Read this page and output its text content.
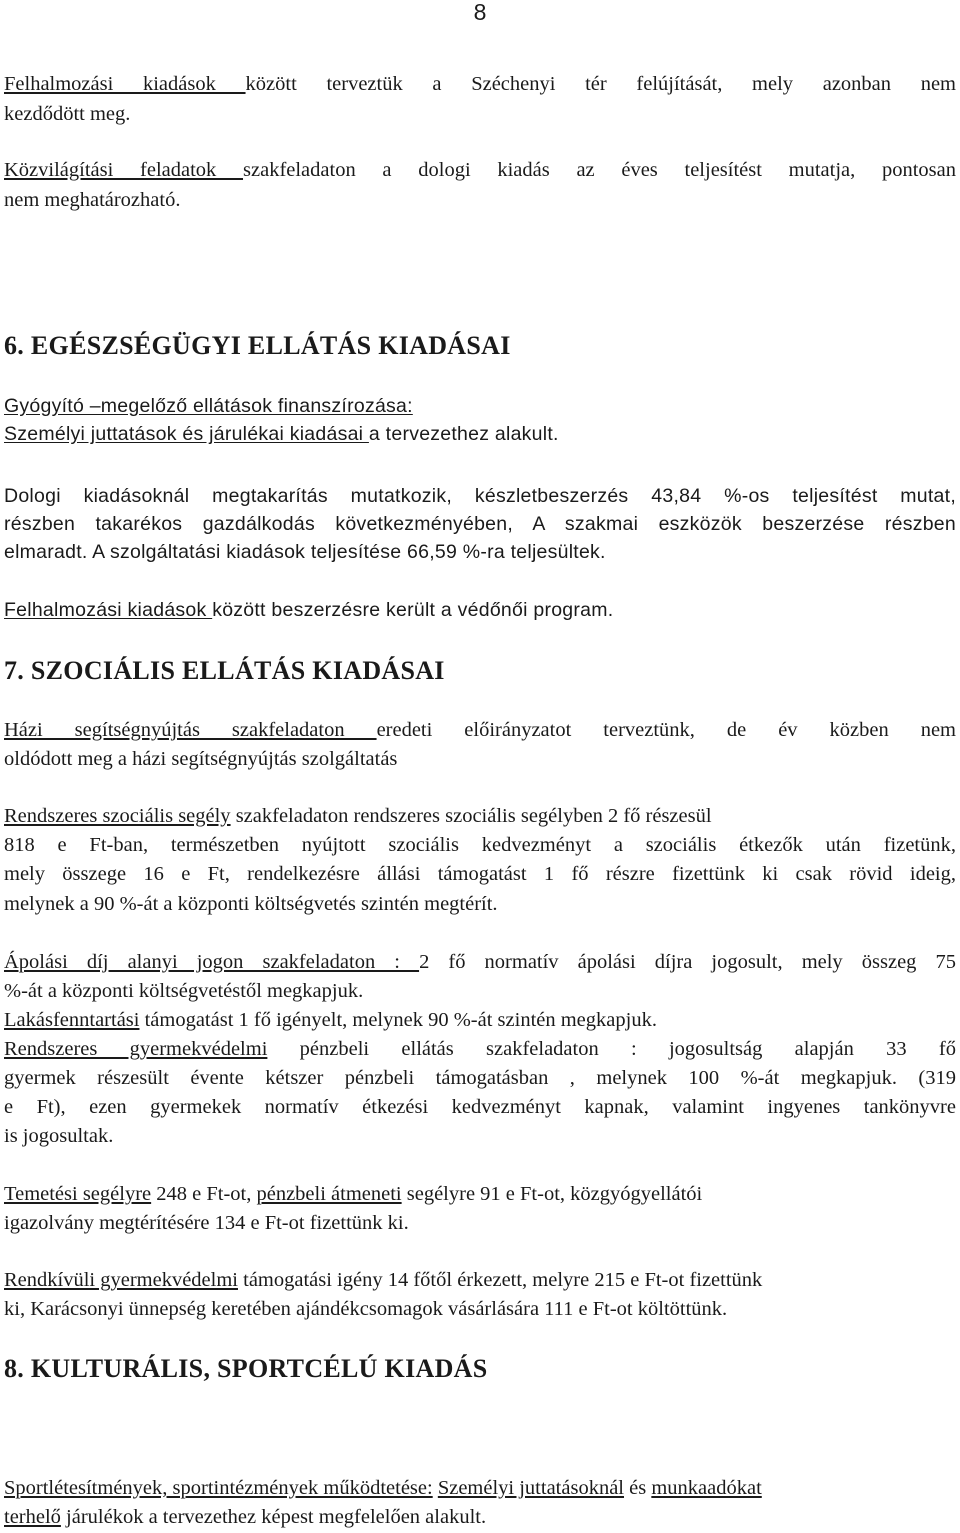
8
Felhalmozási kiadások között terveztük a Széchenyi tér felújítását, mely azonban nem
kezdődött meg.
Közvilágítási feladatok szakfeladaton a dologi kiadás az éves teljesítést mutatja, pontosan
nem meghatározható.
6. EGÉSZSÉGÜGYI ELLÁTÁS KIADÁSAI
Gyógyító –megelőző ellátások finanszírozása:
Személyi juttatások és járulékai kiadásai a tervezethez alakult.
Dologi kiadásoknál megtakarítás mutatkozik, készletbeszerzés 43,84 %-os teljesítést mutat,
részben takarékos gazdálkodás következményében, A szakmai eszközök beszerzése részben
elmaradt. A szolgáltatási kiadások teljesítése 66,59 %-ra teljesültek.
Felhalmozási kiadások között beszerzésre került a védőnői program.
7. SZOCIÁLIS ELLÁTÁS KIADÁSAI
Házi segítségnyújtás szakfeladaton eredeti előirányzatot terveztünk, de év közben nem
oldódott meg a házi segítségnyújtás szolgáltatás
Rendszeres szociális segély szakfeladaton rendszeres szociális segélyben 2 fő részesül
818 e Ft-ban, természetben nyújtott szociális kedvezményt a szociális étkezők után fizetünk,
mely összege 16 e Ft, rendelkezésre állási támogatást 1 fő részre fizettünk ki csak rövid ideig,
melynek a 90 %-át a központi költségvetés szintén megtérít.
Ápolási díj alanyi jogon szakfeladaton : 2 fő normatív ápolási díjra jogosult, mely összeg 75
%-át a központi költségvetéstől megkapjuk.
Lakásfenntartási támogatást 1 fő igényelt, melynek 90 %-át szintén megkapjuk.
Rendszeres gyermekvédelmi pénzbeli ellátás szakfeladaton : jogosultság alapján 33 fő
gyermek részesült évente kétszer pénzbeli támogatásban , melynek 100 %-át megkapjuk. (319
e Ft), ezen gyermekek normatív étkezési kedvezményt kapnak, valamint ingyenes tankönyvre
is jogosultak.
Temetési segélyre 248 e Ft-ot, pénzbeli átmeneti segélyre 91 e Ft-ot, közgyógyellátói
igazolvány megtérítésére 134 e Ft-ot fizettünk ki.
Rendkívüli gyermekvédelmi támogatási igény 14 főtől érkezett, melyre 215 e Ft-ot fizettünk
ki, Karácsonyi ünnepség keretében ajándékcsomagok vásárlására 111 e Ft-ot költöttünk.
8. KULTURÁLIS, SPORTCÉLÚ KIADÁS
Sportlétesítmények, sportintézmények működtetése: Személyi juttatásoknál és munkaadókat
terhelő járulékok a tervezethez képest megfelelően alakult.
